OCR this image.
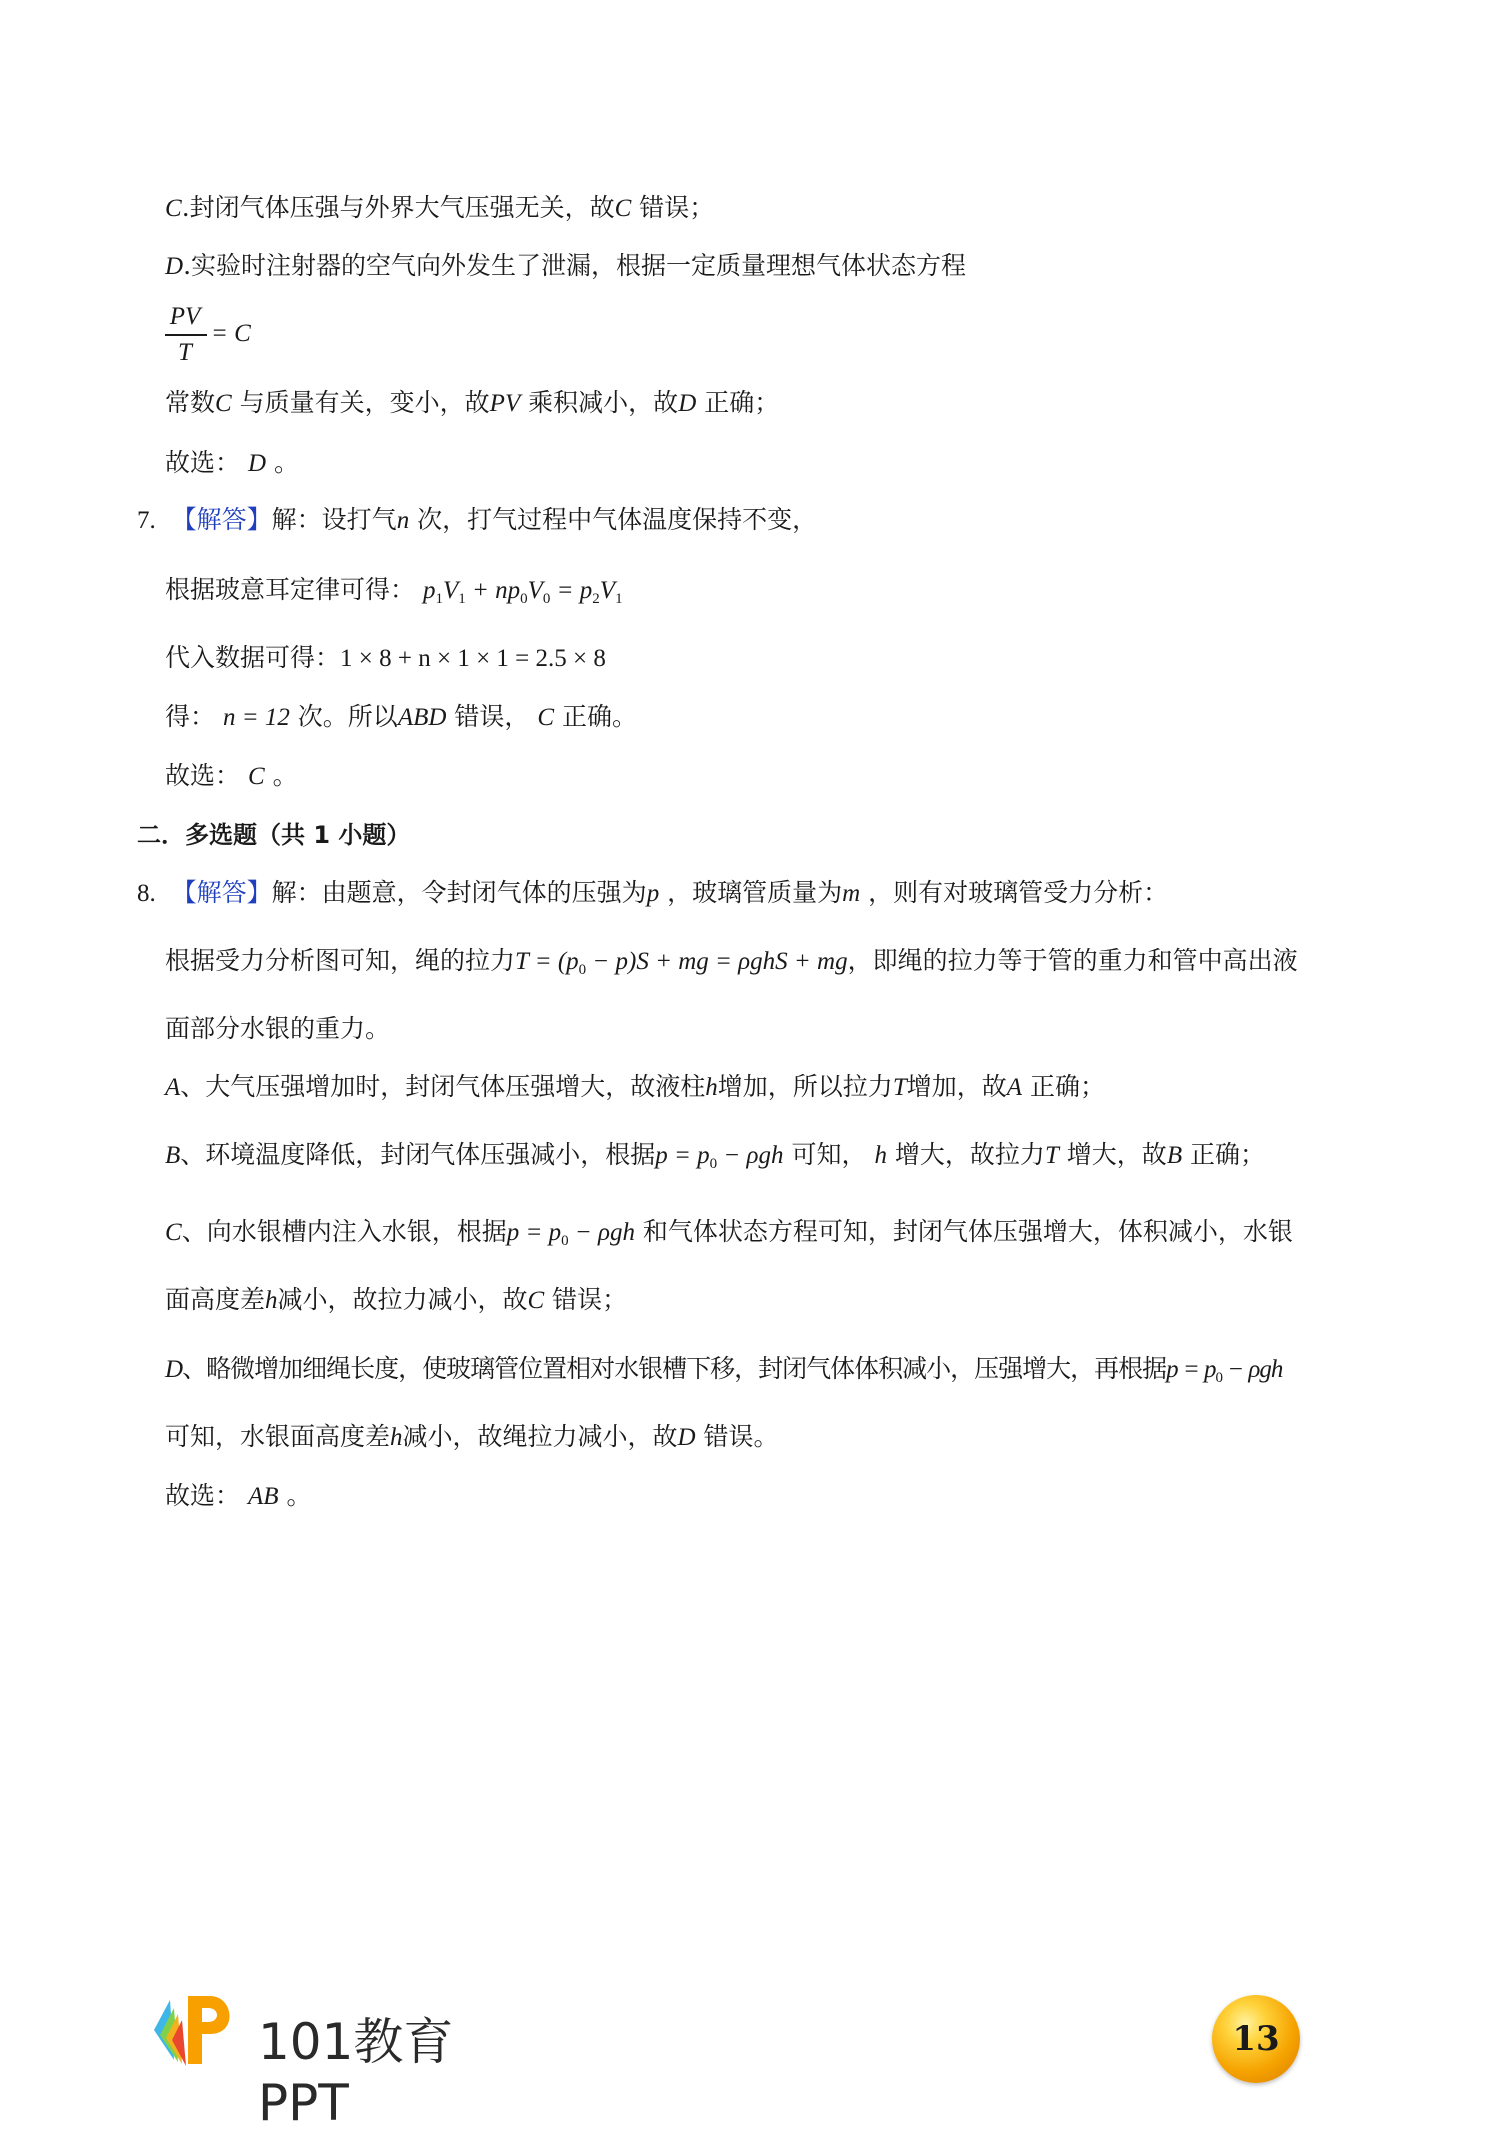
C.封闭气体压强与外界大气压强无关，故C 错误；
D.实验时注射器的空气向外发生了泄漏，根据一定质量理想气体状态方程
PV
T
= C
常数C 与质量有关，变小，故PV 乘积减小，故D 正确；
故选： D 。
7. 【解答】解：设打气n 次，打气过程中气体温度保持不变，
根据玻意耳定律可得： $p_1V_1 + np_0V_0 = p_2V_1$
代入数据可得：1 × 8 + n × 1 × 1 = 2.5 × 8
得： n = 12 次。所以ABD 错误， C 正确。
故选： C 。
二．多选题（共 1 小题）
8. 【解答】解：由题意，令封闭气体的压强为p ，玻璃管质量为m ，则有对玻璃管受力分析：
根据受力分析图可知，绳的拉力$T = (p_0 - p)S$ + mg = ρghS + mg，即绳的拉力等于管的重力和管中高出液
面部分水银的重力。
A、大气压强增加时，封闭气体压强增大，故液柱h增加，所以拉力T增加，故A 正确；
B、环境温度降低，封闭气体压强减小，根据$p = p_0 - \rho gh$ 可知， h 增大，故拉力T 增大，故B 正确；
C、向水银槽内注入水银，根据$p = p_0 - \rho gh$ 和气体状态方程可知，封闭气体压强增大，体积减小，水银
面高度差h减小，故拉力减小，故C 错误；
D、略微增加细绳长度，使玻璃管位置相对水银槽下移，封闭气体体积减小，压强增大，再根据$p = p_0 - \rho gh$
可知，水银面高度差h减小，故绳拉力减小，故D 错误。
故选： AB 。
101教育PPT
13
